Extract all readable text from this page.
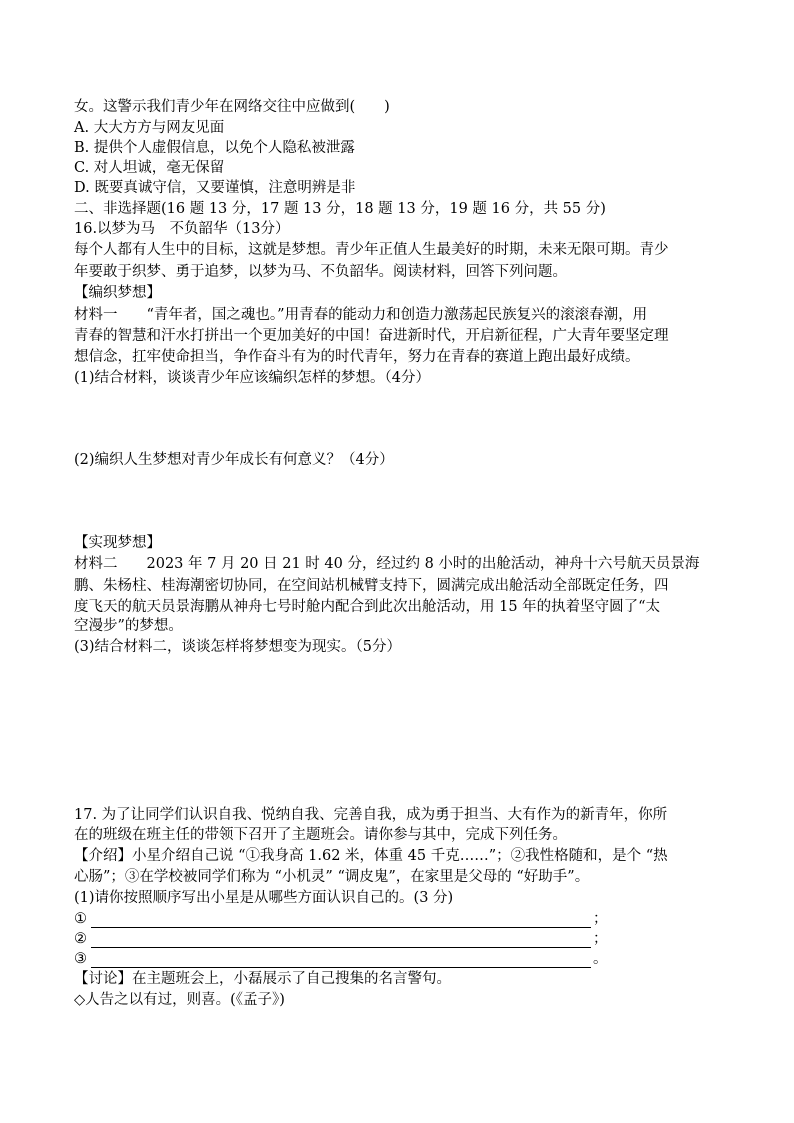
女。这警示我们青少年在网络交往中应做到(　　)
A. 大大方方与网友见面
B. 提供个人虚假信息，以免个人隐私被泄露
C. 对人坦诚，毫无保留
D. 既要真诚守信，又要谨慎，注意明辨是非
二、非选择题(16 题 13 分，17 题 13 分，18 题 13 分，19 题 16 分，共 55 分)
16.以梦为马　不负韶华（13分）
每个人都有人生中的目标，这就是梦想。青少年正值人生最美好的时期，未来无限可期。青少
年要敢于织梦、勇于追梦，以梦为马、不负韶华。阅读材料，回答下列问题。
【编织梦想】
材料一　　“青年者，国之魂也。”用青春的能动力和创造力激荡起民族复兴的滚滚春潮，用
青春的智慧和汗水打拼出一个更加美好的中国！奋进新时代，开启新征程，广大青年要坚定理
想信念，扛牢使命担当，争作奋斗有为的时代青年，努力在青春的赛道上跑出最好成绩。
(1)结合材料，谈谈青少年应该编织怎样的梦想。（4分）
(2)编织人生梦想对青少年成长有何意义？（4分）
【实现梦想】
材料二　　2023 年 7 月 20 日 21 时 40 分，经过约 8 小时的出舱活动，神舟十六号航天员景海
鹏、朱杨柱、桂海潮密切协同，在空间站机械臂支持下，圆满完成出舱活动全部既定任务，四
度飞天的航天员景海鹏从神舟七号时舱内配合到此次出舱活动，用 15 年的执着坚守圆了“太
空漫步”的梦想。
(3)结合材料二，谈谈怎样将梦想变为现实。（5分）
17. 为了让同学们认识自我、悦纳自我、完善自我，成为勇于担当、大有作为的新青年，你所
在的班级在班主任的带领下召开了主题班会。请你参与其中，完成下列任务。
【介绍】小星介绍自己说 “①我身高 1.62 米，体重 45 千克……”；②我性格随和，是个 “热
心肠”；③在学校被同学们称为 “小机灵” “调皮鬼”，在家里是父母的 “好助手”。
(1)请你按照顺序写出小星是从哪些方面认识自己的。(3 分)
①	；
②	；
③	。
【讨论】在主题班会上，小磊展示了自己搜集的名言警句。
◇人告之以有过，则喜。(《孟子》)
